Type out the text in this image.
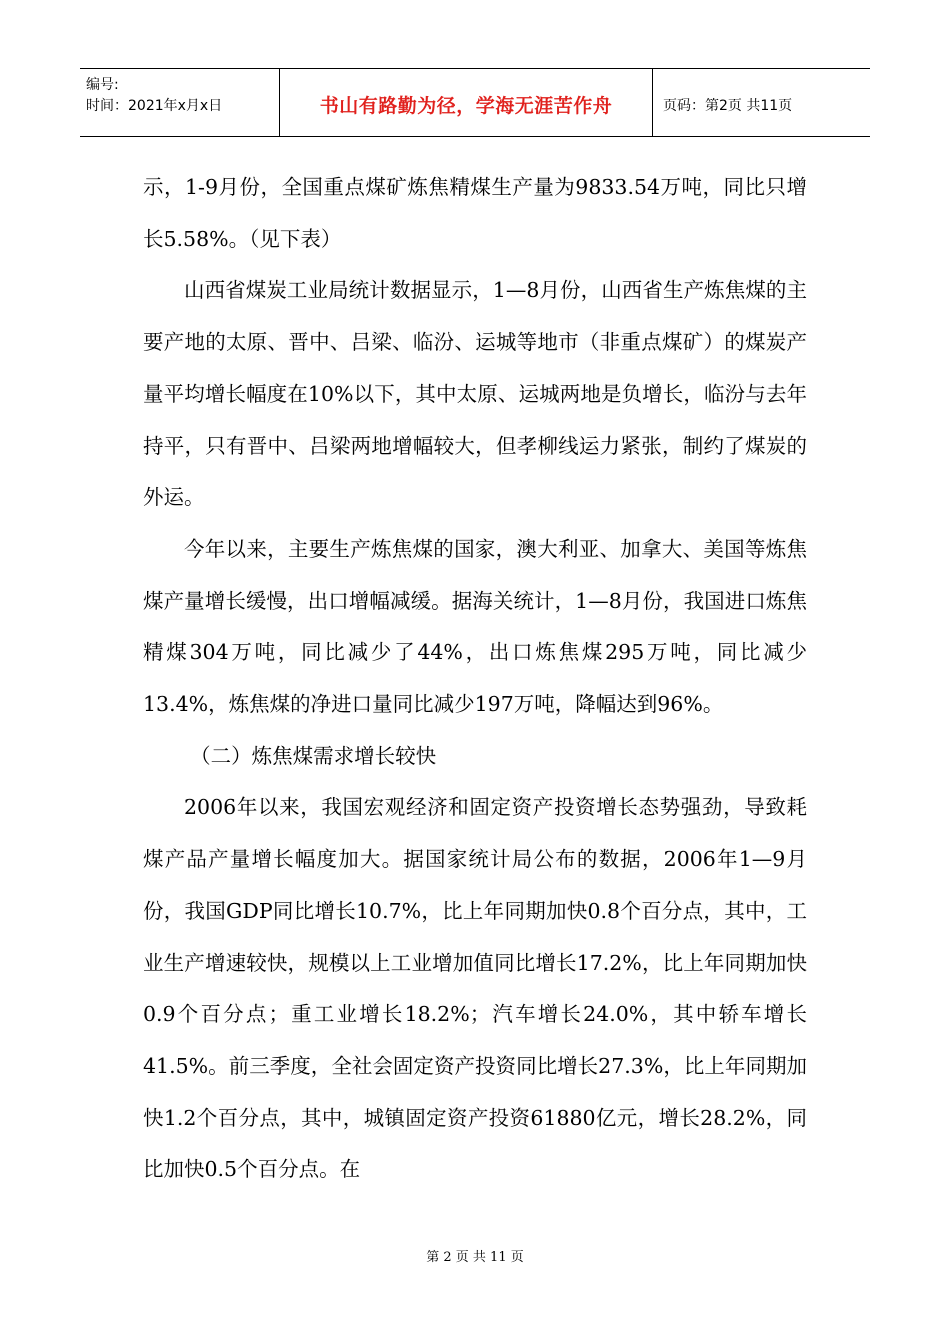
编号:
时间：2021年x月x日	书山有路勤为径，学海无涯苦作舟	页码：第2页 共11页

示，1-9月份，全国重点煤矿炼焦精煤生产量为9833.54万吨，同比只增长5.58%。（见下表）

山西省煤炭工业局统计数据显示，1—8月份，山西省生产炼焦煤的主要产地的太原、晋中、吕梁、临汾、运城等地市（非重点煤矿）的煤炭产量平均增长幅度在10%以下，其中太原、运城两地是负增长，临汾与去年持平，只有晋中、吕梁两地增幅较大，但孝柳线运力紧张，制约了煤炭的外运。

今年以来，主要生产炼焦煤的国家，澳大利亚、加拿大、美国等炼焦煤产量增长缓慢，出口增幅减缓。据海关统计，1—8月份，我国进口炼焦精煤304万吨，同比减少了44%，出口炼焦煤295万吨，同比减少13.4%，炼焦煤的净进口量同比减少197万吨，降幅达到96%。

（二）炼焦煤需求增长较快

2006年以来，我国宏观经济和固定资产投资增长态势强劲，导致耗煤产品产量增长幅度加大。据国家统计局公布的数据，2006年1—9月份，我国GDP同比增长10.7%，比上年同期加快0.8个百分点，其中，工业生产增速较快，规模以上工业增加值同比增长17.2%，比上年同期加快0.9个百分点；重工业增长18.2%；汽车增长24.0%，其中轿车增长41.5%。前三季度，全社会固定资产投资同比增长27.3%，比上年同期加快1.2个百分点，其中，城镇固定资产投资61880亿元，增长28.2%，同比加快0.5个百分点。在

第 2 页 共 11 页
